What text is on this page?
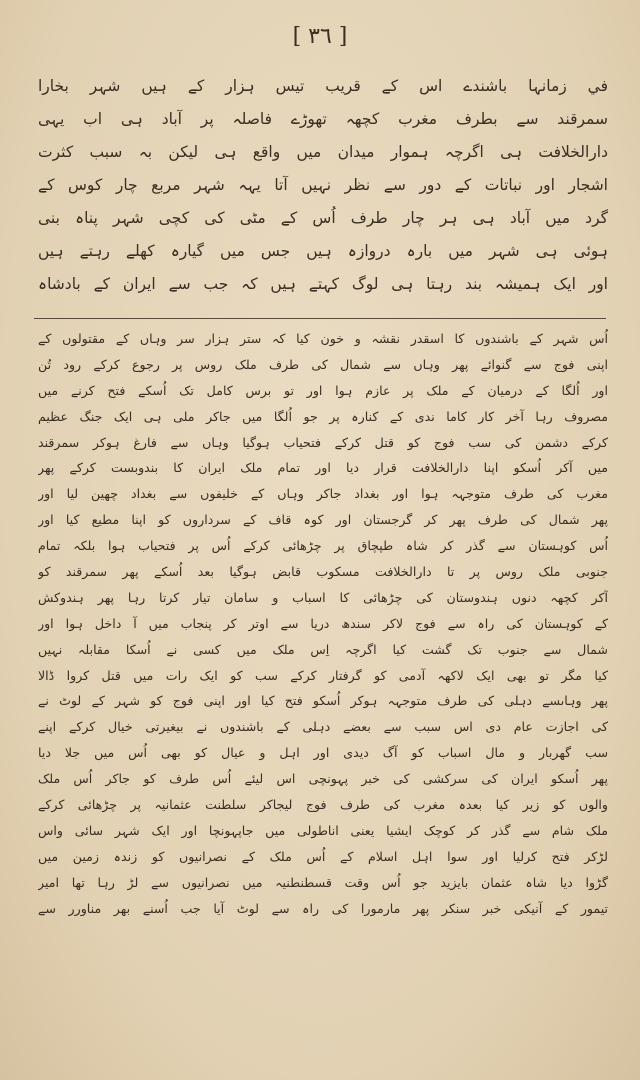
[ ٣٦ ]
في زمانہا باشندے اس کے قریب تیس ہزار کے ہیں شہر بخارا
سمرقند سے بطرف مغرب کچھہ تھوڑے فاصلہ پر آباد ہی اب یہی
دارالخلافت ہی اگرچہ ہموار میدان میں واقع ہی لیکن بہ سبب کثرت
اشجار اور نباتات کے دور سے نظر نہیں آتا یہہ شہر مربع چار کوس کے
گرد میں آباد ہی ہر چار طرف اُس کے مٹی کی کچی شہر پناہ بنی
ہوئی ہی شہر میں بارہ دروازہ ہیں جس میں گیارہ کھلے رہتے ہیں
اور ایک ہمیشہ بند رہتا ہی لوگ کہتے ہیں کہ جب سے ایران کے بادشاہ
اُس شہر کے باشندوں کا اسقدر نقشہ و خون کیا کہ ستر ہزار سر وہاں کے مقتولوں کے
اپنی فوج سے گنوائے پھر وہاں سے شمال کی طرف ملک روس پر رجوع کرکے رود تُن
اور اُلگا کے درمیان کے ملک پر عازم ہوا اور تو برس کامل تک اُسکے فتح کرنے میں
مصروف رہا آخر کار کاما ندی کے کنارہ پر جو اُلگا میں جاکر ملی ہی ایک جنگ عظیم
کرکے دشمن کی سب فوج کو قتل کرکے فتحیاب ہوگیا وہاں سے فارغ ہوکر سمرقند
میں آکر اُسکو اپنا دارالخلافت قرار دیا اور تمام ملک ایران کا بندوبست کرکے پھر
مغرب کی طرف متوجہہ ہوا اور بغداد جاکر وہاں کے خلیفوں سے بغداد چھین لیا اور
پھر شمال کی طرف پھر کر گرجستان اور کوہ قاف کے سرداروں کو اپنا مطیع کیا اور
اُس کوہستان سے گذر کر شاہ طپچاق پر چڑھائی کرکے اُس پر فتحیاب ہوا بلکہ تمام
جنوبی ملک روس پر تا دارالخلافت مسکوب قابض ہوگیا بعد اُسکے پھر سمرقند کو
آکر کچھہ دنوں ہندوستان کی چڑھائی کا اسباب و سامان تیار کرتا رہا پھر ہندوکش
کے کوہستان کی راہ سے فوج لاکر سندھ دریا سے اوتر کر پنجاب میں آ داخل ہوا اور
شمال سے جنوب تک گشت کیا اگرچہ اِس ملک میں کسی نے اُسکا مقابلہ نہیں
کیا مگر تو بھی ایک لاکھہ آدمی کو گرفتار کرکے سب کو ایک رات میں قتل کروا ڈالا
پھر وہاںسے دہلی کی طرف متوجہہ ہوکر اُسکو فتح کیا اور اپنی فوج کو شہر کے لوٹ نے
کی اجازت عام دی اس سبب سے بعضے دہلی کے باشندوں نے بیغیرتی خیال کرکے اپنے
سب گھربار و مال اسباب کو آگ دیدی اور اہل و عیال کو بھی اُس میں جلا دیا
پھر اُسکو ایران کی سرکشی کی خبر پہونچی اس لیئے اُس طرف کو جاکر اُس ملک
والوں کو زیر کیا بعدہ مغرب کی طرف فوج لیجاکر سلطنت عثمانیہ پر چڑھائی کرکے
ملک شام سے گذر کر کوچک ایشیا یعنی اناطولی میں جاپہونچا اور ایک شہر سائی واس
لڑکر فتح کرلیا اور سوا اہل اسلام کے اُس ملک کے نصرانیوں کو زندہ زمین میں
گڑوا دیا شاہ عثمان بایزید جو اُس وقت قسطنطنیہ میں نصرانیوں سے لڑ رہا تھا امیر
تیمور کے آنیکی خبر سنکر پھر مارمورا کی راہ سے لوٹ آیا جب اُسنے بھر مناورر سے
